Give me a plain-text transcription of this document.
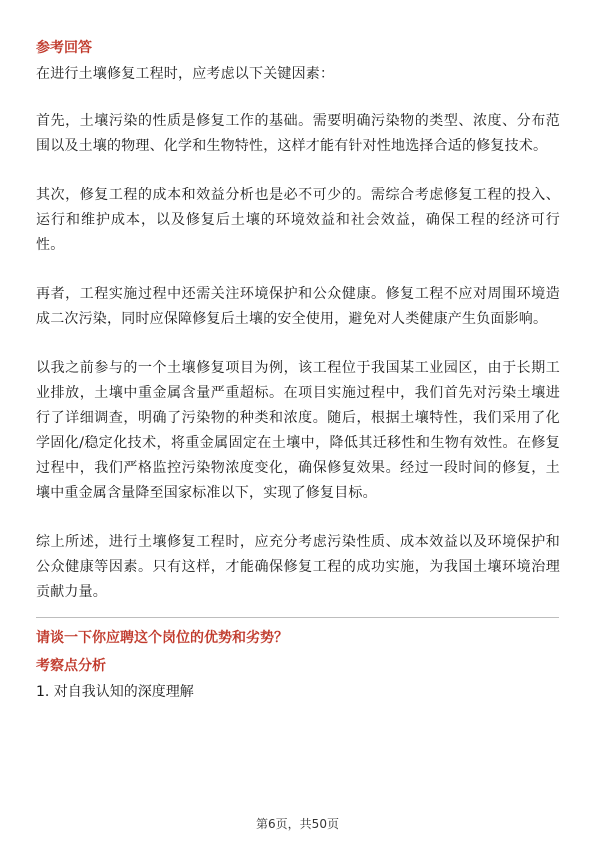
参考回答

在进行土壤修复工程时，应考虑以下关键因素：

首先，土壤污染的性质是修复工作的基础。需要明确污染物的类型、浓度、分布范围以及土壤的物理、化学和生物特性，这样才能有针对性地选择合适的修复技术。

其次，修复工程的成本和效益分析也是必不可少的。需综合考虑修复工程的投入、运行和维护成本，以及修复后土壤的环境效益和社会效益，确保工程的经济可行性。

再者，工程实施过程中还需关注环境保护和公众健康。修复工程不应对周围环境造成二次污染，同时应保障修复后土壤的安全使用，避免对人类健康产生负面影响。

以我之前参与的一个土壤修复项目为例，该工程位于我国某工业园区，由于长期工业排放，土壤中重金属含量严重超标。在项目实施过程中，我们首先对污染土壤进行了详细调查，明确了污染物的种类和浓度。随后，根据土壤特性，我们采用了化学固化/稳定化技术，将重金属固定在土壤中，降低其迁移性和生物有效性。在修复过程中，我们严格监控污染物浓度变化，确保修复效果。经过一段时间的修复，土壤中重金属含量降至国家标准以下，实现了修复目标。

综上所述，进行土壤修复工程时，应充分考虑污染性质、成本效益以及环境保护和公众健康等因素。只有这样，才能确保修复工程的成功实施，为我国土壤环境治理贡献力量。

请谈一下你应聘这个岗位的优势和劣势？

考察点分析

1. 对自我认知的深度理解

第6页，共50页
